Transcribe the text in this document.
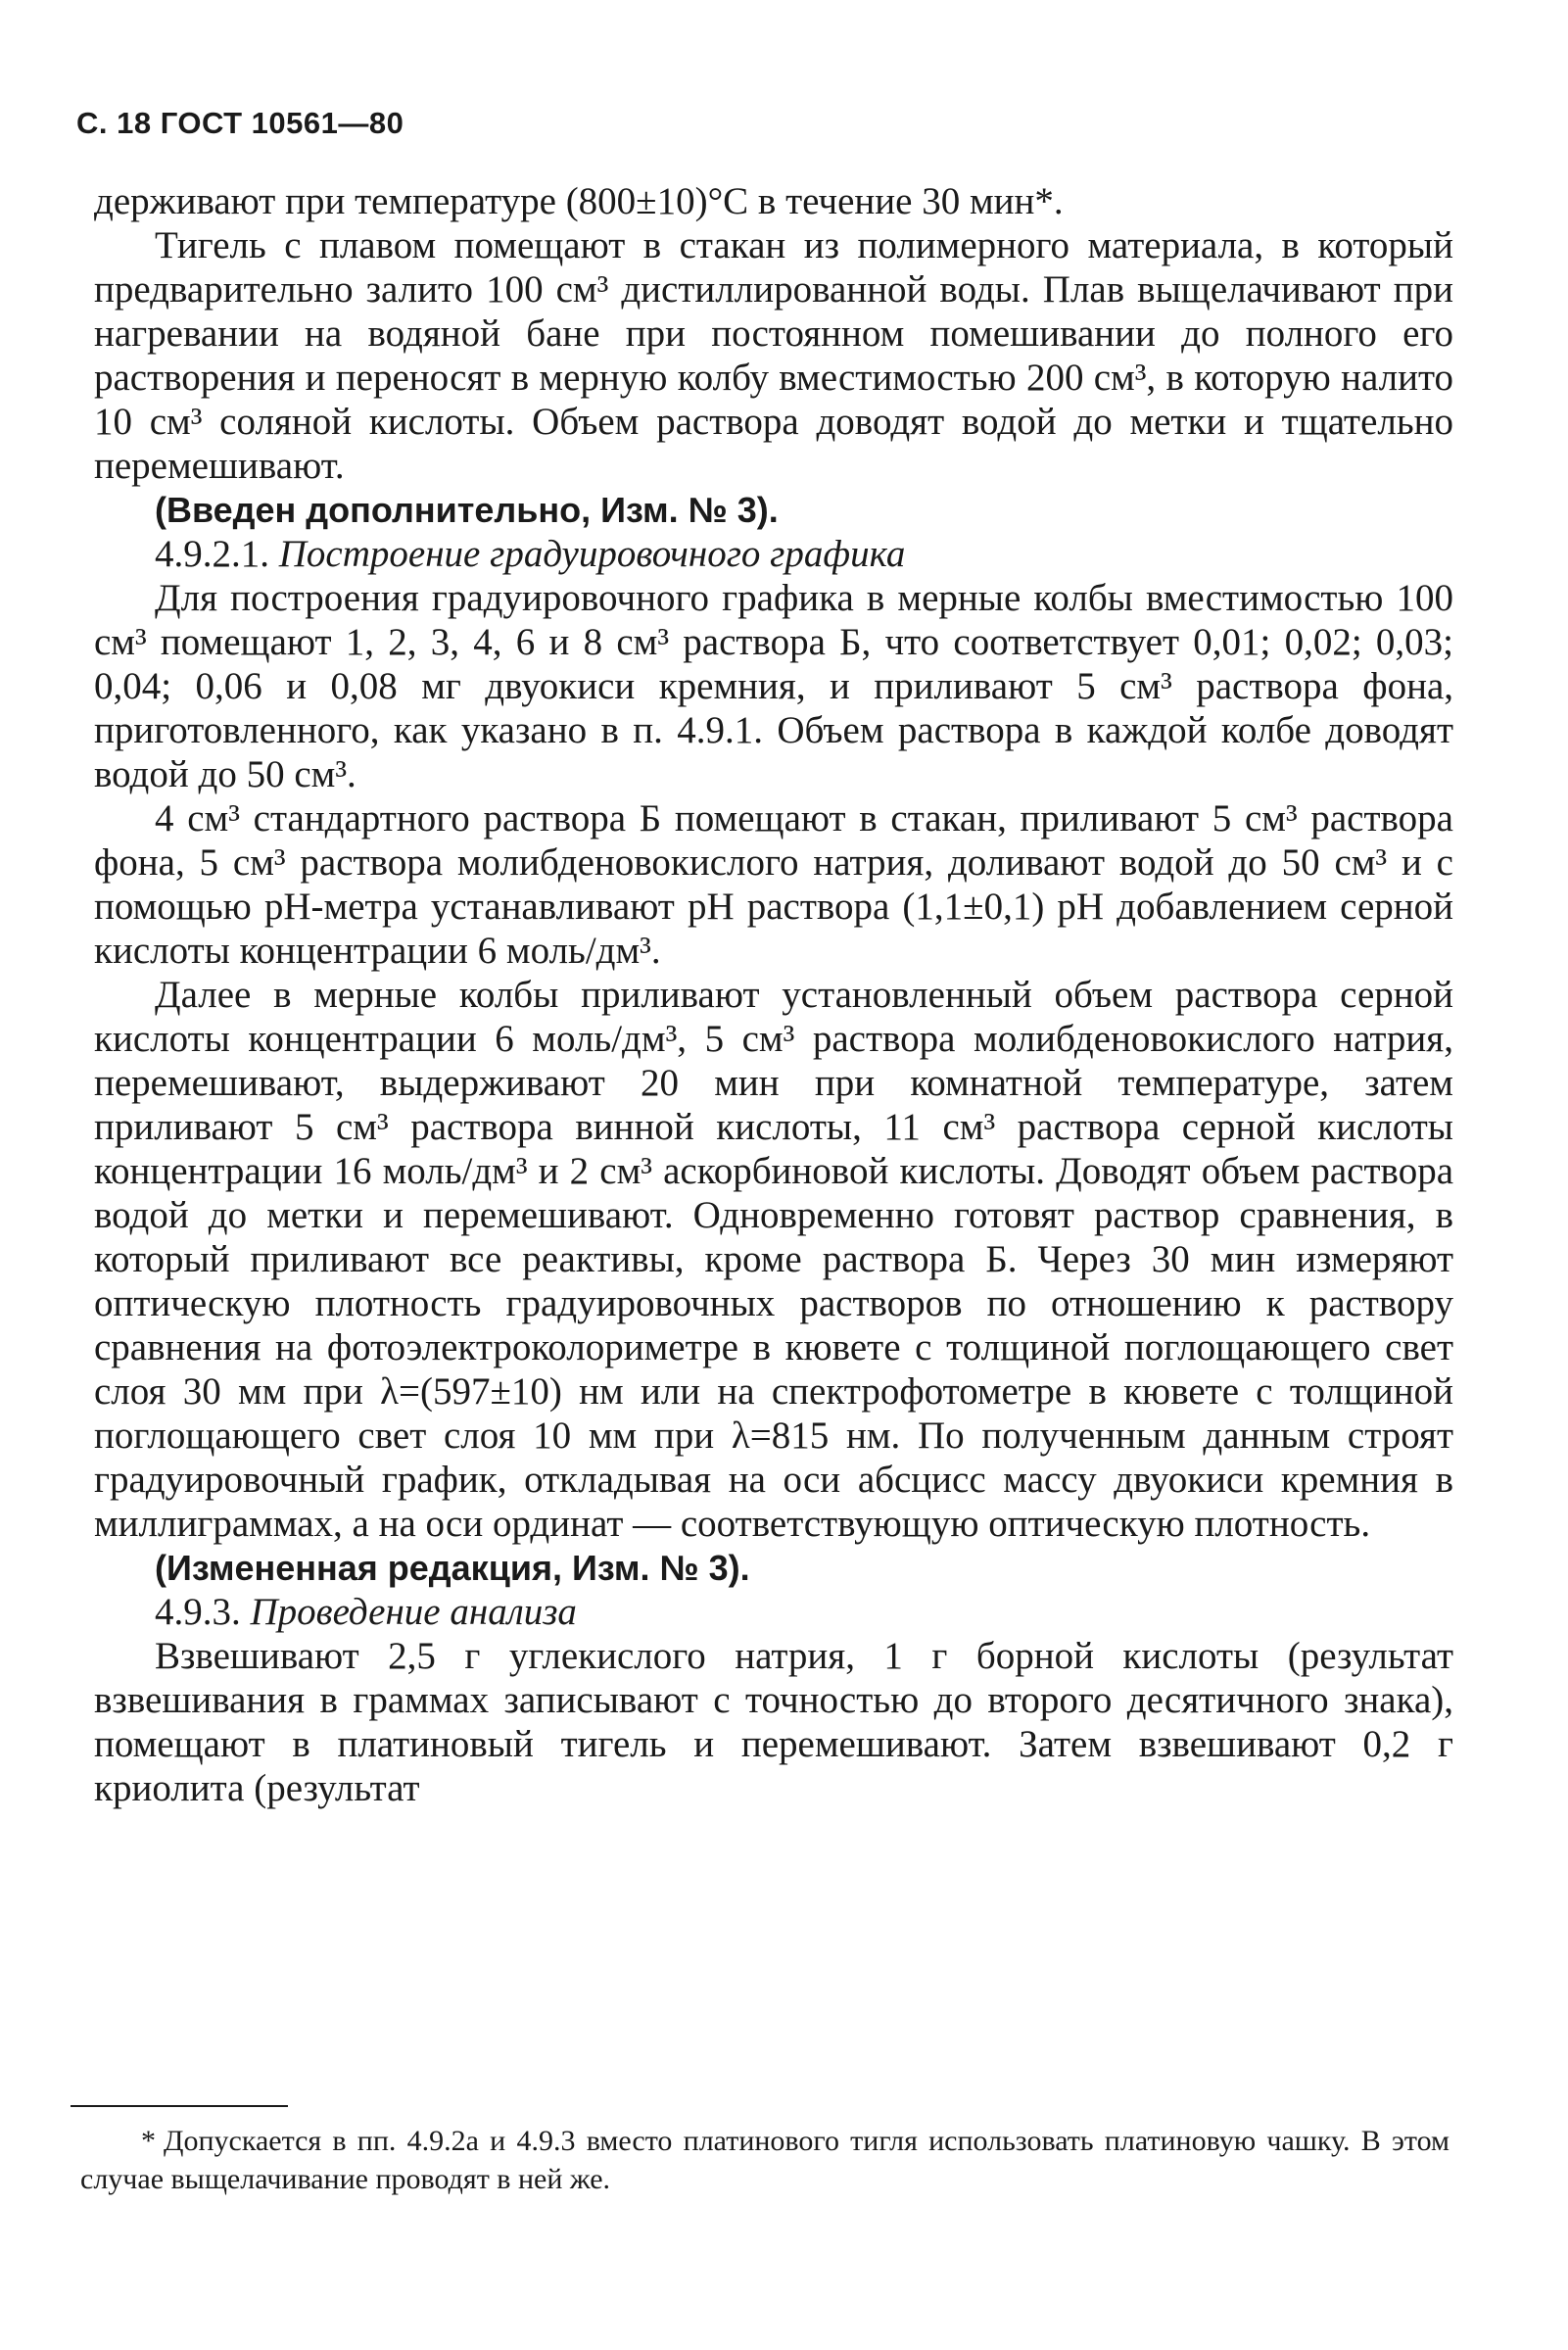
С. 18 ГОСТ 10561—80

держивают при температуре (800±10)°С в течение 30 мин*.

Тигель с плавом помещают в стакан из полимерного материала, в который предварительно залито 100 см³ дистиллированной воды. Плав выщелачивают при нагревании на водяной бане при постоянном помешивании до полного его растворения и переносят в мерную колбу вместимостью 200 см³, в которую налито 10 см³ соляной кислоты. Объем раствора доводят водой до метки и тщательно перемешивают.

(Введен дополнительно, Изм. № 3).

4.9.2.1. Построение градуировочного графика

Для построения градуировочного графика в мерные колбы вместимостью 100 см³ помещают 1, 2, 3, 4, 6 и 8 см³ раствора Б, что соответствует 0,01; 0,02; 0,03; 0,04; 0,06 и 0,08 мг двуокиси кремния, и приливают 5 см³ раствора фона, приготовленного, как указано в п. 4.9.1. Объем раствора в каждой колбе доводят водой до 50 см³.

4 см³ стандартного раствора Б помещают в стакан, приливают 5 см³ раствора фона, 5 см³ раствора молибденовокислого натрия, доливают водой до 50 см³ и с помощью pH-метра устанавливают pH раствора (1,1±0,1) pH добавлением серной кислоты концентрации 6 моль/дм³.

Далее в мерные колбы приливают установленный объем раствора серной кислоты концентрации 6 моль/дм³, 5 см³ раствора молибденовокислого натрия, перемешивают, выдерживают 20 мин при комнатной температуре, затем приливают 5 см³ раствора винной кислоты, 11 см³ раствора серной кислоты концентрации 16 моль/дм³ и 2 см³ аскорбиновой кислоты. Доводят объем раствора водой до метки и перемешивают. Одновременно готовят раствор сравнения, в который приливают все реактивы, кроме раствора Б. Через 30 мин измеряют оптическую плотность градуировочных растворов по отношению к раствору сравнения на фотоэлектроколориметре в кювете с толщиной поглощающего свет слоя 30 мм при λ=(597±10) нм или на спектрофотометре в кювете с толщиной поглощающего свет слоя 10 мм при λ=815 нм. По полученным данным строят градуировочный график, откладывая на оси абсцисс массу двуокиси кремния в миллиграммах, а на оси ординат — соответствующую оптическую плотность.

(Измененная редакция, Изм. № 3).

4.9.3. Проведение анализа

Взвешивают 2,5 г углекислого натрия, 1 г борной кислоты (результат взвешивания в граммах записывают с точностью до второго десятичного знака), помещают в платиновый тигель и перемешивают. Затем взвешивают 0,2 г криолита (результат

* Допускается в пп. 4.9.2а и 4.9.3 вместо платинового тигля использовать платиновую чашку. В этом случае выщелачивание проводят в ней же.
